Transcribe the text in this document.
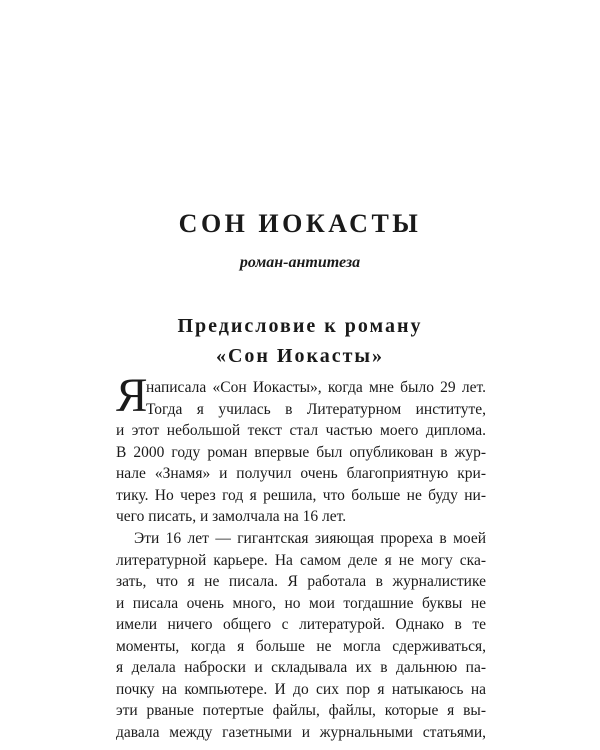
СОН ИОКАСТЫ
роман-антитеза
Предисловие к роману
«Сон Иокасты»
Я
написала «Сон Иокасты», когда мне было 29 лет.
Тогда я училась в Литературном институте,
и этот небольшой текст стал частью моего диплома.
В 2000 году роман впервые был опубликован в жур-
нале «Знамя» и получил очень благоприятную кри-
тику. Но через год я решила, что больше не буду ни-
чего писать, и замолчала на 16 лет.
Эти 16 лет — гигантская зияющая прореха в моей
литературной карьере. На самом деле я не могу ска-
зать, что я не писала. Я работала в журналистике
и писала очень много, но мои тогдашние буквы не
имели ничего общего с литературой. Однако в те
моменты, когда я больше не могла сдерживаться,
я делала наброски и складывала их в дальнюю па-
почку на компьютере. И до сих пор я натыкаюсь на
эти рваные потертые файлы, файлы, которые я вы-
давала между газетными и журнальными статьями,
